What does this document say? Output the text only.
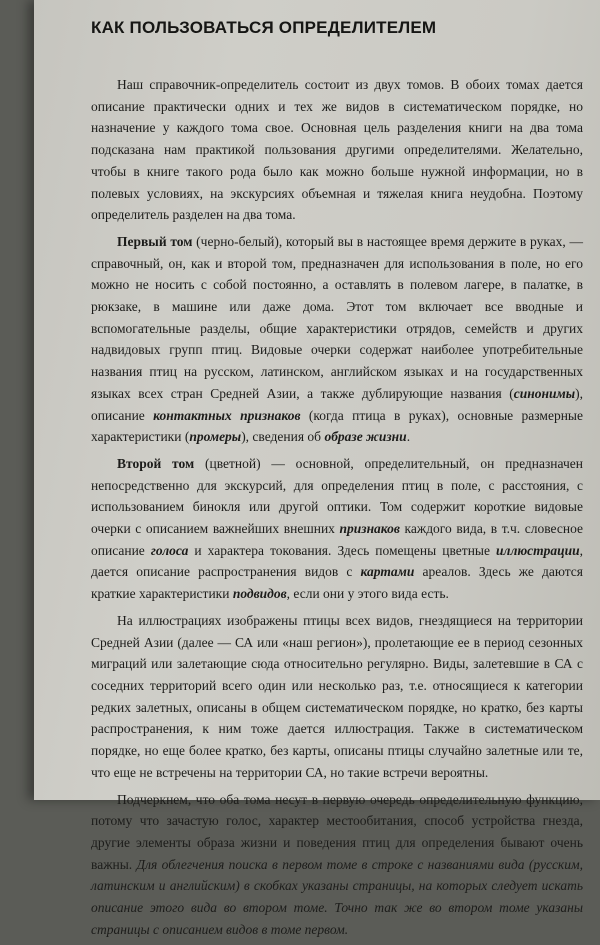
КАК ПОЛЬЗОВАТЬСЯ ОПРЕДЕЛИТЕЛЕМ

Наш справочник-определитель состоит из двух томов. В обоих томах дается описание практически одних и тех же видов в систематическом порядке, но назначение у каждого тома свое. Основная цель разделения книги на два тома подсказана нам практикой пользования другими определителями. Желательно, чтобы в книге такого рода было как можно больше нужной информации, но в полевых условиях, на экскурсиях объемная и тяжелая книга неудобна. Поэтому определитель разделен на два тома.

Первый том (черно-белый), который вы в настоящее время держите в руках, — справочный, он, как и второй том, предназначен для использования в поле, но его можно не носить с собой постоянно, а оставлять в полевом лагере, в палатке, в рюкзаке, в машине или даже дома. Этот том включает все вводные и вспомогательные разделы, общие характеристики отрядов, семейств и других надвидовых групп птиц. Видовые очерки содержат наиболее употребительные названия птиц на русском, латинском, английском языках и на государственных языках всех стран Средней Азии, а также дублирующие названия (синонимы), описание контактных признаков (когда птица в руках), основные размерные характеристики (промеры), сведения об образе жизни.

Второй том (цветной) — основной, определительный, он предназначен непосредственно для экскурсий, для определения птиц в поле, с расстояния, с использованием бинокля или другой оптики. Том содержит короткие видовые очерки с описанием важнейших внешних признаков каждого вида, в т.ч. словесное описание голоса и характера токования. Здесь помещены цветные иллюстрации, дается описание распространения видов с картами ареалов. Здесь же даются краткие характеристики подвидов, если они у этого вида есть.

На иллюстрациях изображены птицы всех видов, гнездящиеся на территории Средней Азии (далее — СА или «наш регион»), пролетающие ее в период сезонных миграций или залетающие сюда относительно регулярно. Виды, залетевшие в СА с соседних территорий всего один или несколько раз, т.е. относящиеся к категории редких залетных, описаны в общем систематическом порядке, но кратко, без карты распространения, к ним тоже дается иллюстрация. Также в систематическом порядке, но еще более кратко, без карты, описаны птицы случайно залетные или те, что еще не встречены на территории СА, но такие встречи вероятны.

Подчеркнем, что оба тома несут в первую очередь определительную функцию, потому что зачастую голос, характер местообитания, способ устройства гнезда, другие элементы образа жизни и поведения птиц для определения бывают очень важны. Для облегчения поиска в первом томе в строке с названиями вида (русским, латинским и английским) в скобках указаны страницы, на которых следует искать описание этого вида во втором томе. Точно так же во втором томе указаны страницы с описанием видов в томе первом.
